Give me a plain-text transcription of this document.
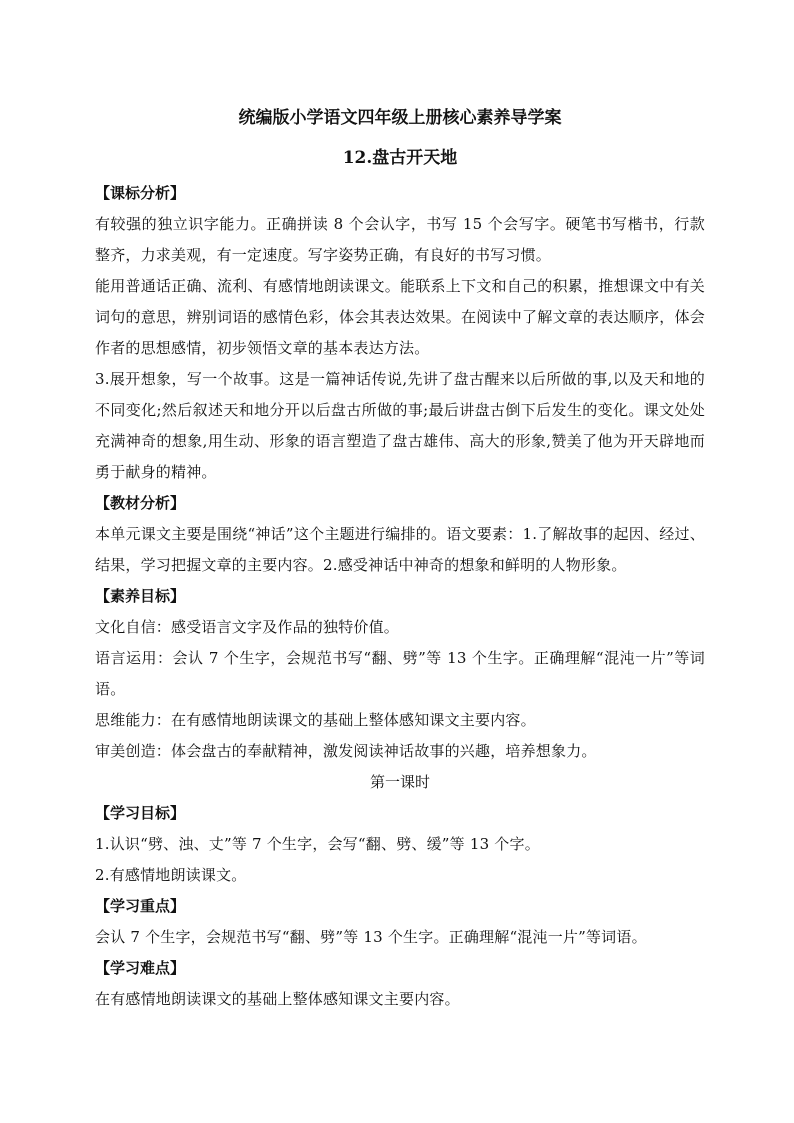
统编版小学语文四年级上册核心素养导学案
12.盘古开天地
【课标分析】

有较强的独立识字能力。正确拼读 8 个会认字，书写 15 个会写字。硬笔书写楷书，行款整齐，力求美观，有一定速度。写字姿势正确，有良好的书写习惯。

能用普通话正确、流利、有感情地朗读课文。能联系上下文和自己的积累，推想课文中有关词句的意思，辨别词语的感情色彩，体会其表达效果。在阅读中了解文章的表达顺序，体会作者的思想感情，初步领悟文章的基本表达方法。

3.展开想象，写一个故事。这是一篇神话传说,先讲了盘古醒来以后所做的事,以及天和地的不同变化;然后叙述天和地分开以后盘古所做的事;最后讲盘古倒下后发生的变化。课文处处充满神奇的想象,用生动、形象的语言塑造了盘古雄伟、高大的形象,赞美了他为开天辟地而勇于献身的精神。

【教材分析】

本单元课文主要是围绕“神话”这个主题进行编排的。语文要素：1.了解故事的起因、经过、结果，学习把握文章的主要内容。2.感受神话中神奇的想象和鲜明的人物形象。

【素养目标】

文化自信：感受语言文字及作品的独特价值。

语言运用：会认 7 个生字，会规范书写“翻、劈”等 13 个生字。正确理解“混沌一片”等词语。

思维能力：在有感情地朗读课文的基础上整体感知课文主要内容。

审美创造：体会盘古的奉献精神，激发阅读神话故事的兴趣，培养想象力。

第一课时
【学习目标】

1.认识“劈、浊、丈”等 7 个生字，会写“翻、劈、缓”等 13 个字。

2.有感情地朗读课文。

【学习重点】

会认 7 个生字，会规范书写“翻、劈”等 13 个生字。正确理解“混沌一片”等词语。

【学习难点】

在有感情地朗读课文的基础上整体感知课文主要内容。
